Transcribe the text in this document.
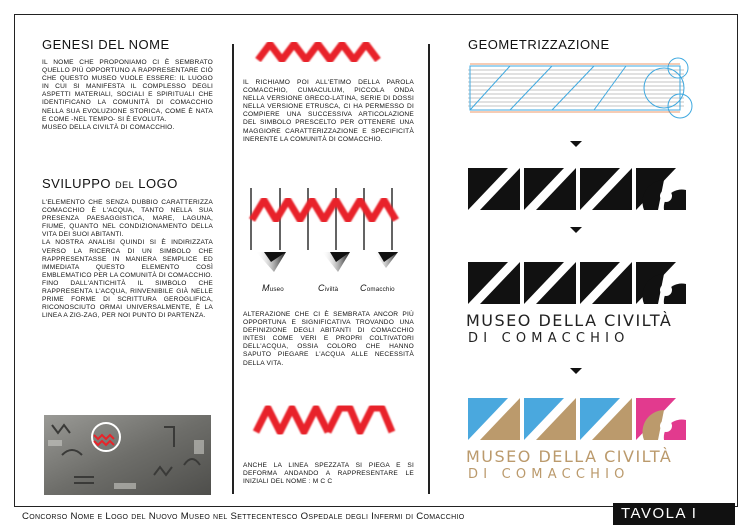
GENESI DEL NOME

IL NOME CHE PROPONIAMO CI È SEMBRATO QUELLO PIÙ OPPORTUNO A RAPPRESENTARE CIÒ CHE QUESTO MUSEO VUOLE ESSERE: IL LUOGO IN CUI SI MANIFESTA IL COMPLESSO DEGLI ASPETTI MATERIALI, SOCIALI E SPIRITUALI CHE IDENTIFICANO LA COMUNITÀ DI COMACCHIO NELLA SUA EVOLUZIONE STORICA, COME È NATA E COME -NEL TEMPO- SI È EVOLUTA.

MUSEO DELLA CIVILTÀ DI COMACCHIO.

SVILUPPO del LOGO

L'ELEMENTO CHE SENZA DUBBIO CARATTERIZZA COMACCHIO È L'ACQUA, TANTO NELLA SUA PRESENZA PAESAGGISTICA, MARE, LAGUNA, FIUME, QUANTO NEL CONDIZIONAMENTO DELLA VITA DEI SUOI ABITANTI.

LA NOSTRA ANALISI QUINDI SI È INDIRIZZATA VERSO LA RICERCA DI UN SIMBOLO CHE RAPPRESENTASSE IN MANIERA SEMPLICE ED IMMEDIATA QUESTO ELEMENTO COSÌ EMBLEMATICO PER LA COMUNITÀ DI COMACCHIO.

FINO DALL'ANTICHITÀ IL SIMBOLO CHE RAPPRESENTA L'ACQUA, RINVENIBILE GIÀ NELLE PRIME FORME DI SCRITTURA GEROGLIFICA, RICONOSCIUTO ORMAI UNIVERSALMENTE, È LA LINEA A ZIG-ZAG, PER NOI PUNTO DI PARTENZA.

IL RICHIAMO POI ALL'ETIMO DELLA PAROLA COMACCHIO, CUMACULUM, PICCOLA ONDA NELLA VERSIONE GRECO-LATINA, SERIE DI DOSSI NELLA VERSIONE ETRUSCA, CI HA PERMESSO DI COMPIERE UNA SUCCESSIVA ARTICOLAZIONE DEL SIMBOLO PRESCELTO PER OTTENERE UNA MAGGIORE CARATTERIZZAZIONE E SPECIFICITÀ INERENTE LA COMUNITÀ DI COMACCHIO.
Museo	Civiltà Comacchio
ALTERAZIONE CHE CI È SEMBRATA ANCOR PIÙ OPPORTUNA E SIGNIFICATIVA TROVANDO UNA DEFINIZIONE DEGLI ABITANTI DI COMACCHIO INTESI COME VERI E PROPRI COLTIVATORI DELL'ACQUA, OSSIA COLORO CHE HANNO SAPUTO PIEGARE L'ACQUA ALLE NECESSITÀ DELLA VITA.
ANCHE LA LINEA SPEZZATA SI PIEGA E SI DEFORMA ANDANDO A RAPPRESENTARE LE INIZIALI DEL NOME : M C C
GEOMETRIZZAZIONE
MUSEO DELLA CIVILTÀ
DI COMACCHIO
MUSEO DELLA CIVILTÀ
DI COMACCHIO
Concorso Nome e Logo del Nuovo Museo nel Settecentesco Ospedale degli Infermi di Comacchio	TAVOLA I
